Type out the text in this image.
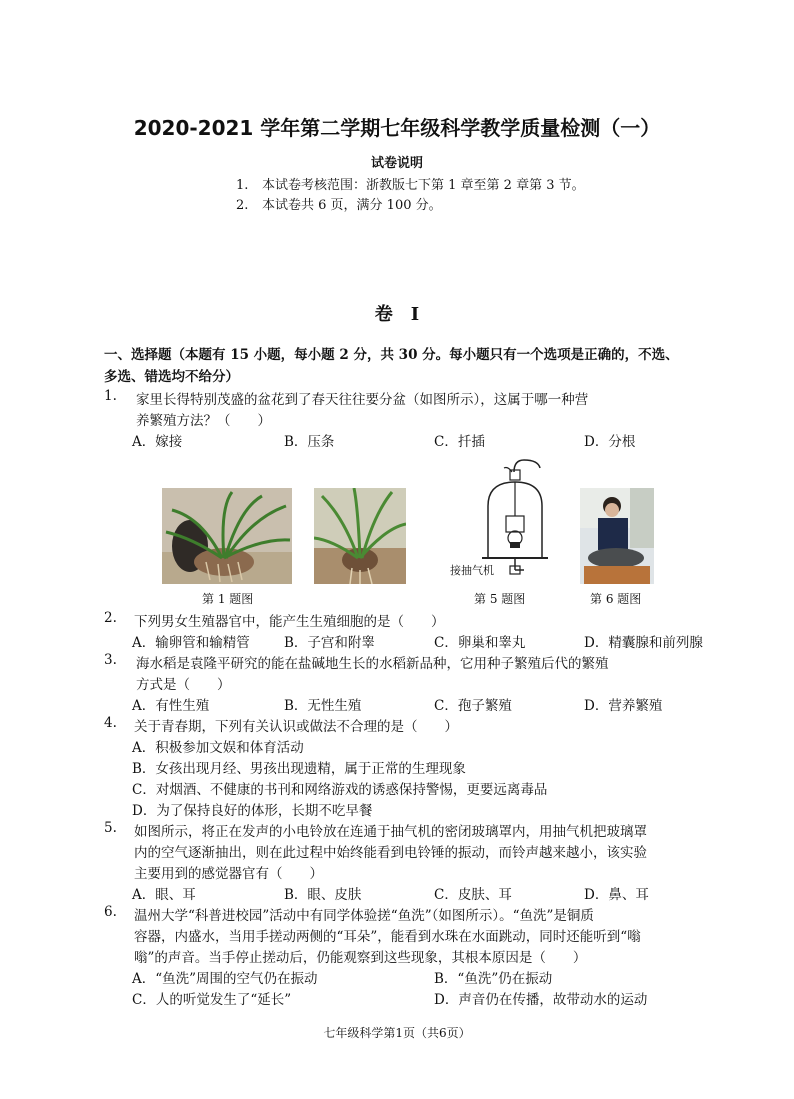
2020-2021 学年第二学期七年级科学教学质量检测（一）
试卷说明
1. 本试卷考核范围：浙教版七下第 1 章至第 2 章第 3 节。
2. 本试卷共 6 页，满分 100 分。
卷　I
一、选择题（本题有 15 小题，每小题 2 分，共 30 分。每小题只有一个选项是正确的，不选、
多选、错选均不给分）
1. 家里长得特别茂盛的盆花到了春天往往要分盆（如图所示），这属于哪一种营
养繁殖方法？（　　）
A．嫁接	B．压条	C．扦插	D．分根
接抽气机
第 1 题图	第 5 题图	第 6 题图
2. 下列男女生殖器官中，能产生生殖细胞的是（　　）
A．输卵管和输精管	B．子宫和附睾	C．卵巢和睾丸	D．精囊腺和前列腺
3. 海水稻是袁隆平研究的能在盐碱地生长的水稻新品种，它用种子繁殖后代的繁殖
方式是（　　）
A．有性生殖	B．无性生殖	C．孢子繁殖	D．营养繁殖
4. 关于青春期，下列有关认识或做法不合理的是（　　）
A．积极参加文娱和体育活动
B．女孩出现月经、男孩出现遗精，属于正常的生理现象
C．对烟酒、不健康的书刊和网络游戏的诱惑保持警惕，更要远离毒品
D．为了保持良好的体形，长期不吃早餐
5. 如图所示，将正在发声的小电铃放在连通于抽气机的密闭玻璃罩内，用抽气机把玻璃罩
内的空气逐渐抽出，则在此过程中始终能看到电铃锤的振动，而铃声越来越小，该实验
主要用到的感觉器官有（　　）
A．眼、耳	B．眼、皮肤	C．皮肤、耳	D．鼻、耳
6. 温州大学“科普进校园”活动中有同学体验搓“鱼洗”（如图所示）。“鱼洗”是铜质
容器，内盛水，当用手搓动两侧的“耳朵”，能看到水珠在水面跳动，同时还能听到“嗡
嗡”的声音。当手停止搓动后，仍能观察到这些现象，其根本原因是（　　）
A．“鱼洗”周围的空气仍在振动	B．“鱼洗”仍在振动
C．人的听觉发生了“延长”	D．声音仍在传播，故带动水的运动
七年级科学第1页（共6页）
